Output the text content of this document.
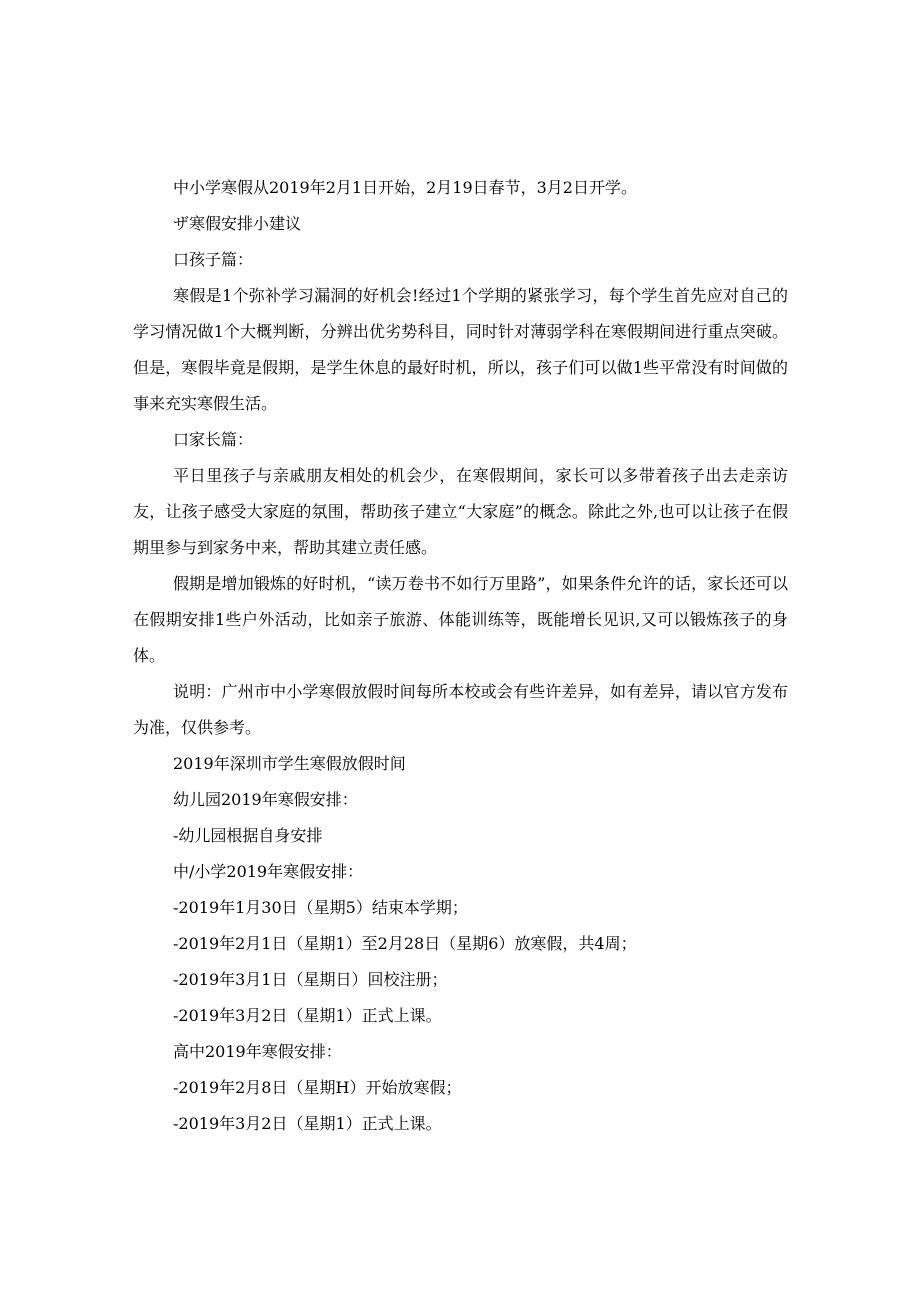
中小学寒假从2019年2月1日开始，2月19日春节，3月2日开学。
ザ寒假安排小建议
口孩子篇：
寒假是1个弥补学习漏洞的好机会!经过1个学期的紧张学习，每个学生首先应对自己的学习情况做1个大概判断，分辨出优劣势科目，同时针对薄弱学科在寒假期间进行重点突破。但是，寒假毕竟是假期，是学生休息的最好时机，所以，孩子们可以做1些平常没有时间做的事来充实寒假生活。
口家长篇：
平日里孩子与亲戚朋友相处的机会少，在寒假期间，家长可以多带着孩子出去走亲访友，让孩子感受大家庭的氛围，帮助孩子建立“大家庭”的概念。除此之外,也可以让孩子在假期里参与到家务中来，帮助其建立责任感。
假期是增加锻炼的好时机，“读万卷书不如行万里路”，如果条件允许的话，家长还可以在假期安排1些户外活动，比如亲子旅游、体能训练等，既能增长见识,又可以锻炼孩子的身体。
说明：广州市中小学寒假放假时间每所本校或会有些许差异，如有差异，请以官方发布为准，仅供参考。
2019年深圳市学生寒假放假时间
幼儿园2019年寒假安排：
-幼儿园根据自身安排
中/小学2019年寒假安排：
-2019年1月30日（星期5）结束本学期；
-2019年2月1日（星期1）至2月28日（星期6）放寒假，共4周；
-2019年3月1日（星期日）回校注册；
-2019年3月2日（星期1）正式上课。
高中2019年寒假安排：
-2019年2月8日（星期H）开始放寒假；
-2019年3月2日（星期1）正式上课。
